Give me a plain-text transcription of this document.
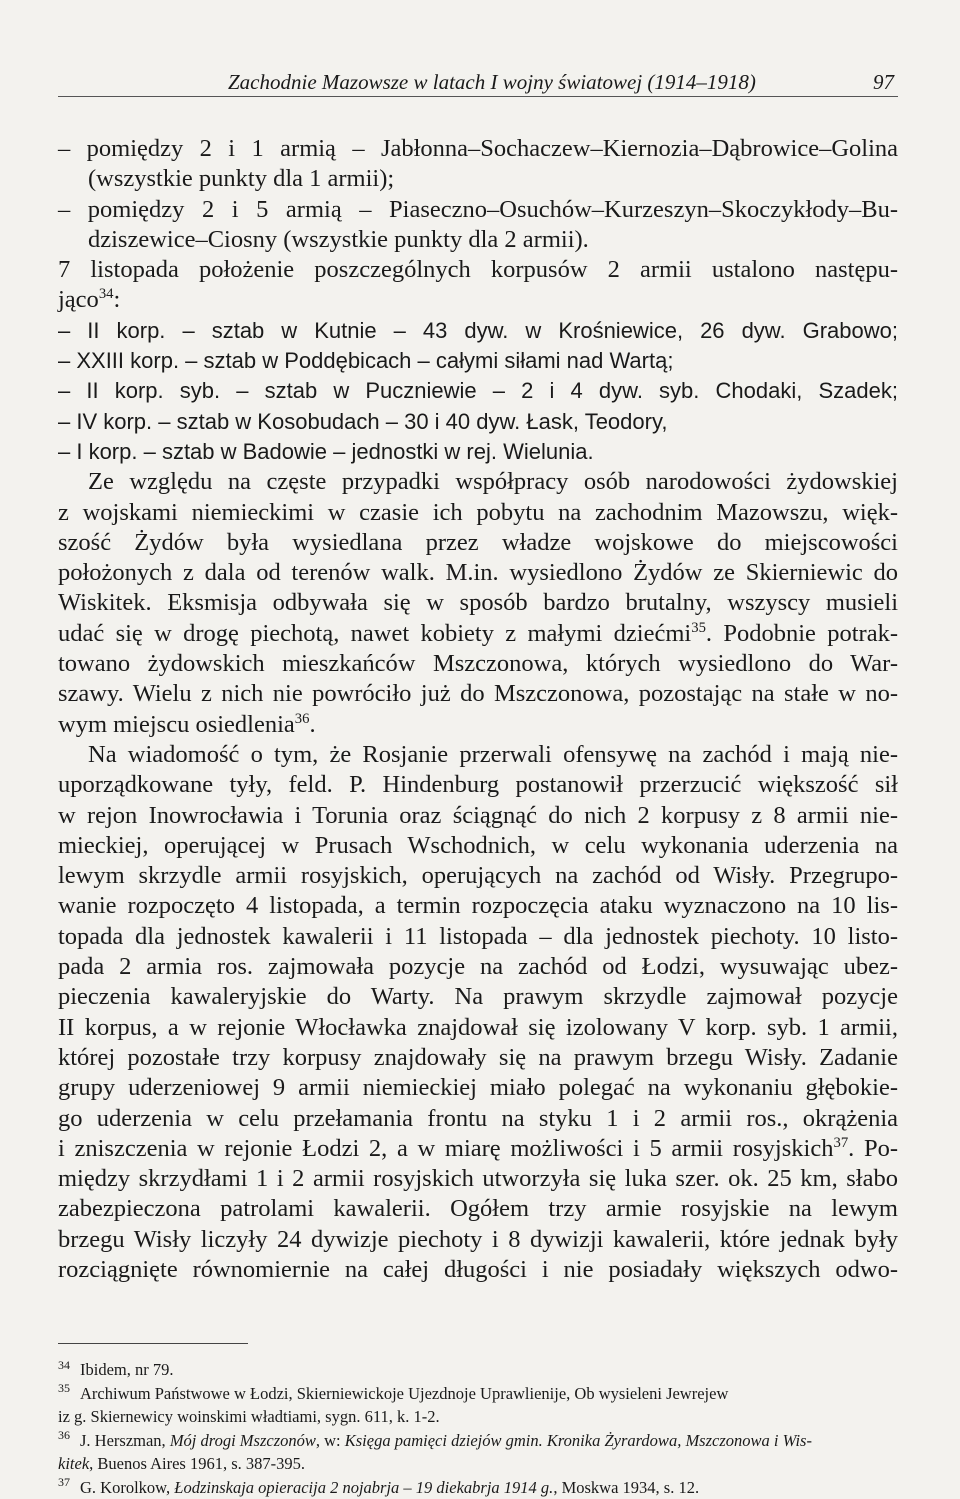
Zachodnie Mazowsze w latach I wojny światowej (1914–1918)	97
– pomiędzy 2 i 1 armią – Jabłonna–Sochaczew–Kiernozia–Dąbrowice–Golina
(wszystkie punkty dla 1 armii);
– pomiędzy 2 i 5 armią – Piaseczno–Osuchów–Kurzeszyn–Skoczykłody–Bu-
dziszewice–Ciosny (wszystkie punkty dla 2 armii).
7 listopada położenie poszczególnych korpusów 2 armii ustalono następu-
jąco$^{34}$:
– II korp. – sztab w Kutnie – 43 dyw. w Krośniewice, 26 dyw. Grabowo;
– XXIII korp. – sztab w Poddębicach – całymi siłami nad Wartą;
– II korp. syb. – sztab w Puczniewie – 2 i 4 dyw. syb. Chodaki, Szadek;
– IV korp. – sztab w Kosobudach – 30 i 40 dyw. Łask, Teodory,
– I korp. – sztab w Badowie – jednostki w rej. Wielunia.
Ze względu na częste przypadki współpracy osób narodowości żydowskiej
z wojskami niemieckimi w czasie ich pobytu na zachodnim Mazowszu, więk-
szość Żydów była wysiedlana przez władze wojskowe do miejscowości
położonych z dala od terenów walk. M.in. wysiedlono Żydów ze Skierniewic do
Wiskitek. Eksmisja odbywała się w sposób bardzo brutalny, wszyscy musieli
udać się w drogę piechotą, nawet kobiety z małymi dziećmi$^{35}$. Podobnie potrak-
towano żydowskich mieszkańców Mszczonowa, których wysiedlono do War-
szawy. Wielu z nich nie powróciło już do Mszczonowa, pozostając na stałe w no-
wym miejscu osiedlenia$^{36}$.
Na wiadomość o tym, że Rosjanie przerwali ofensywę na zachód i mają nie-
uporządkowane tyły, feld. P. Hindenburg postanowił przerzucić większość sił
w rejon Inowrocławia i Torunia oraz ściągnąć do nich 2 korpusy z 8 armii nie-
mieckiej, operującej w Prusach Wschodnich, w celu wykonania uderzenia na
lewym skrzydle armii rosyjskich, operujących na zachód od Wisły. Przegrupo-
wanie rozpoczęto 4 listopada, a termin rozpoczęcia ataku wyznaczono na 10 lis-
topada dla jednostek kawalerii i 11 listopada – dla jednostek piechoty. 10 listo-
pada 2 armia ros. zajmowała pozycje na zachód od Łodzi, wysuwając ubez-
pieczenia kawaleryjskie do Warty. Na prawym skrzydle zajmował pozycje
II korpus, a w rejonie Włocławka znajdował się izolowany V korp. syb. 1 armii,
której pozostałe trzy korpusy znajdowały się na prawym brzegu Wisły. Zadanie
grupy uderzeniowej 9 armii niemieckiej miało polegać na wykonaniu głębokie-
go uderzenia w celu przełamania frontu na styku 1 i 2 armii ros., okrążenia
i zniszczenia w rejonie Łodzi 2, a w miarę możliwości i 5 armii rosyjskich$^{37}$. Po-
między skrzydłami 1 i 2 armii rosyjskich utworzyła się luka szer. ok. 25 km, słabo
zabezpieczona patrolami kawalerii. Ogółem trzy armie rosyjskie na lewym
brzegu Wisły liczyły 24 dywizje piechoty i 8 dywizji kawalerii, które jednak były
rozciągnięte równomiernie na całej długości i nie posiadały większych odwo-
$^{34}$ Ibidem, nr 79.
$^{35}$ Archiwum Państwowe w Łodzi, Skierniewickoje Ujezdnoje Uprawlienije, Ob wysieleni Jewrejew
iz g. Skiernewicy woinskimi władtiami, sygn. 611, k. 1-2.
$^{36}$ J. Herszman, Mój drogi Mszczonów, w: Księga pamięci dziejów gmin. Kronika Żyrardowa, Mszczonowa i Wis-
kitek, Buenos Aires 1961, s. 387-395.
$^{37}$ G. Korolkow, Łodzinskaja opieracija 2 nojabrja – 19 diekabrja 1914 g., Moskwa 1934, s. 12.
